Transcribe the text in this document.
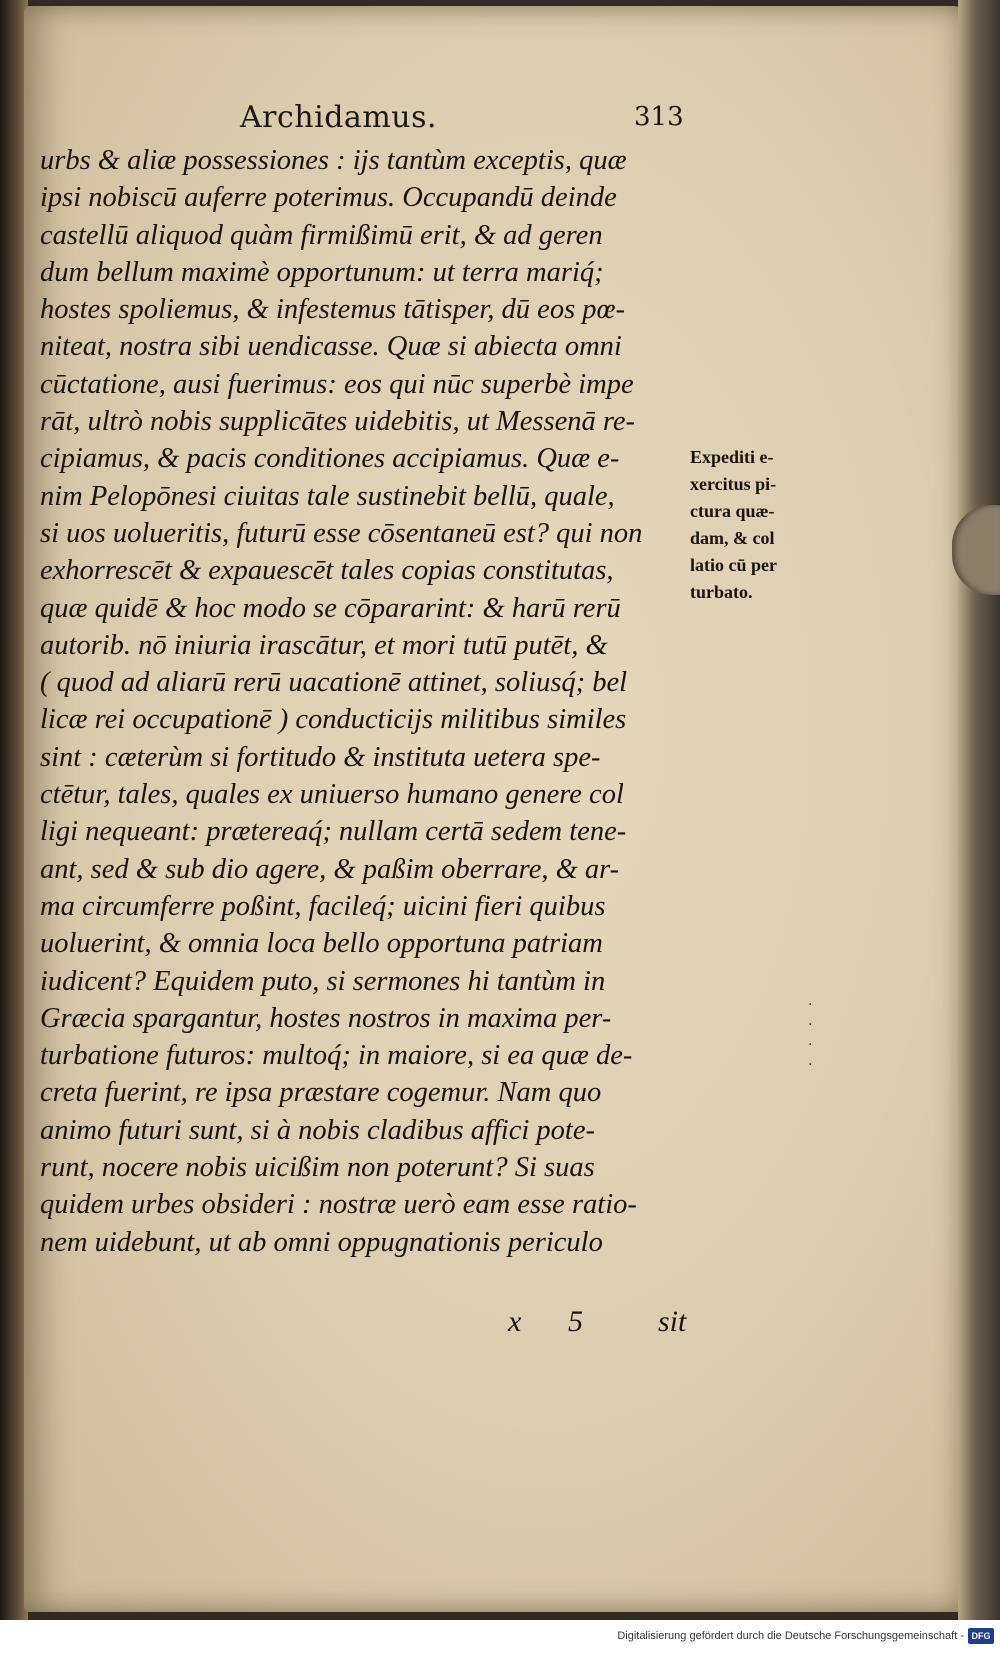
Archidamus.	313
urbs & aliæ possessiones : ijs tantùm exceptis, quæ
ipsi nobiscū auferre poterimus. Occupandū deinde
castellū aliquod quàm firmißimū erit, & ad geren
dum bellum maximè opportunum: ut terra mariq́;
hostes spoliemus, & infestemus tātisper, dū eos pœ-
niteat, nostra sibi uendicasse. Quæ si abiecta omni
cūctatione, ausi fuerimus: eos qui nūc superbè impe
rāt, ultrò nobis supplicātes uidebitis, ut Messenā re-
cipiamus, & pacis conditiones accipiamus. Quæ e-
nim Pelopōnesi ciuitas tale sustinebit bellū, quale,
si uos uolueritis, futurū esse cōsentaneū est? qui non
exhorrescēt & expauescēt tales copias constitutas,
quæ quidē & hoc modo se cōpararint: & harū rerū
autorib. nō iniuria irascātur, et mori tutū putēt, &
( quod ad aliarū rerū uacationē attinet, soliusq́; bel
licæ rei occupationē ) conducticijs militibus similes
sint : cæterùm si fortitudo & instituta uetera spe-
ctētur, tales, quales ex uniuerso humano genere col
ligi nequeant: prætereaq́; nullam certā sedem tene-
ant, sed & sub dio agere, & paßim oberrare, & ar-
ma circumferre poßint, facileq́; uicini fieri quibus
uoluerint, & omnia loca bello opportuna patriam
iudicent? Equidem puto, si sermones hi tantùm in
Græcia spargantur, hostes nostros in maxima per-
turbatione futuros: multoq́; in maiore, si ea quæ de-
creta fuerint, re ipsa præstare cogemur. Nam quo
animo futuri sunt, si à nobis cladibus affici pote-
runt, nocere nobis uicißim non poterunt? Si suas
quidem urbes obsideri : nostræ uerò eam esse ratio-
nem uidebunt, ut ab omni oppugnationis periculo
Expediti e-
xercitus pi-
ctura quæ-
dam, & col
latio cū per
turbato.
·
·
·
·
x 5	sit
Digitalisierung gefördert durch die Deutsche Forschungsgemeinschaft - DFG
